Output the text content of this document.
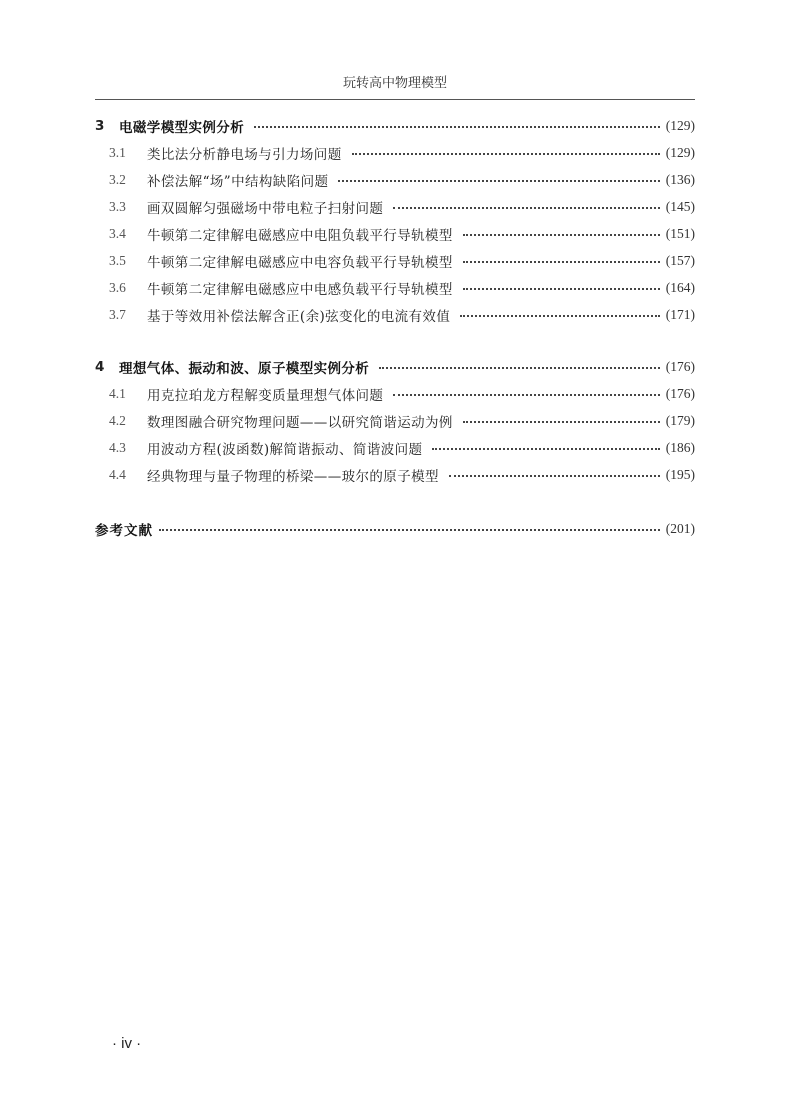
玩转高中物理模型
3	电磁学模型实例分析	(129)
3.1	类比法分析静电场与引力场问题	(129)
3.2	补偿法解“场”中结构缺陷问题	(136)
3.3	画双圆解匀强磁场中带电粒子扫射问题	(145)
3.4	牛顿第二定律解电磁感应中电阻负载平行导轨模型	(151)
3.5	牛顿第二定律解电磁感应中电容负载平行导轨模型	(157)
3.6	牛顿第二定律解电磁感应中电感负载平行导轨模型	(164)
3.7	基于等效用补偿法解含正(余)弦变化的电流有效值	(171)
4	理想气体、振动和波、原子模型实例分析	(176)
4.1	用克拉珀龙方程解变质量理想气体问题	(176)
4.2	数理图融合研究物理问题——以研究简谐运动为例	(179)
4.3	用波动方程(波函数)解简谐振动、简谐波问题	(186)
4.4	经典物理与量子物理的桥梁——玻尔的原子模型	(195)
参考文献	(201)
· iv ·
